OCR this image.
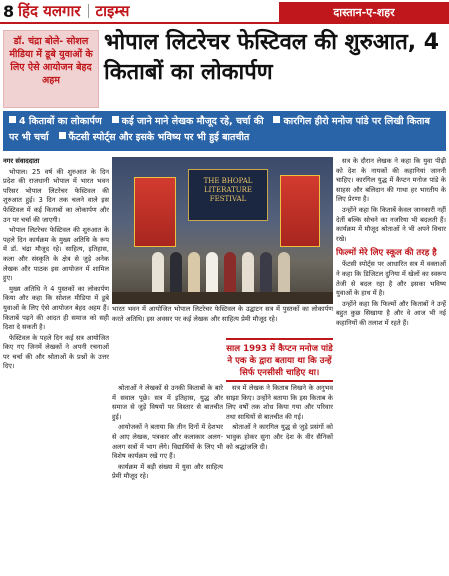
8 हिंद यलगार टाइम्स	दास्तान-ए-शहर
डॉ. चंद्रा बोले- सोशल मीडिया में डूबे युवाओं के लिए ऐसे आयोजन बेहद अहम
भोपाल लिटरेचर फेस्टिवल की शुरुआत, 4 किताबों का लोकार्पण
4 किताबों का लोकार्पण कई जाने माने लेखक मौजूद रहे, चर्चा की कारगिल हीरो मनोज पांडे पर लिखी किताब पर भी चर्चा फैंटसी स्पोर्ट्स और इसके भविष्य पर भी हुई बातचीत

नगर संवाददाता

भोपाल। 25 वर्ष की शुरुआत के दिन प्रदेश की राजधानी भोपाल में भारत भवन परिसर भोपाल लिटरेचर फेस्टिवल की शुरुआत हुई। 3 दिन तक चलने वाले इस फेस्टिवल में कई किताबों का लोकार्पण और उन पर चर्चा की जाएगी।

भोपाल लिटरेचर फेस्टिवल की शुरुआत के पहले दिन कार्यक्रम के मुख्य अतिथि के रूप में डॉ. चंद्रा मौजूद रहे। साहित्य, इतिहास, कला और संस्कृति के क्षेत्र से जुड़े अनेक लेखक और पाठक इस आयोजन में शामिल हुए।

मुख्य अतिथि ने 4 पुस्तकों का लोकार्पण किया और कहा कि सोशल मीडिया में डूबे युवाओं के लिए ऐसे आयोजन बेहद अहम हैं। किताबें पढ़ने की आदत ही समाज को सही दिशा दे सकती है।

फेस्टिवल के पहले दिन कई सत्र आयोजित किए गए जिनमें लेखकों ने अपनी रचनाओं पर चर्चा की और श्रोताओं के प्रश्नों के उत्तर दिए।

THE BHOPAL LITERATURE FESTIVAL
भारत भवन में आयोजित भोपाल लिटरेचर फेस्टिवल के उद्घाटन सत्र में पुस्तकों का लोकार्पण करते अतिथि। इस अवसर पर कई लेखक और साहित्य प्रेमी मौजूद रहे।
साल 1993 में कैप्टन मनोज पांडे ने एक के द्वारा बताया था कि उन्हें सिर्फ एनसीसी चाहिए था।

श्रोताओं ने लेखकों से उनकी किताबों के बारे में सवाल पूछे। सत्र में इतिहास, युद्ध और समाज से जुड़े विषयों पर विस्तार से बातचीत हुई।

आयोजकों ने बताया कि तीन दिनों में देशभर से आए लेखक, पत्रकार और कलाकार अलग-अलग सत्रों में भाग लेंगे। विद्यार्थियों के लिए भी विशेष कार्यक्रम रखे गए हैं।

कार्यक्रम में बड़ी संख्या में युवा और साहित्य प्रेमी मौजूद रहे।

सत्र में लेखक ने किताब लिखने के अनुभव साझा किए। उन्होंने बताया कि इस किताब के लिए वर्षों तक शोध किया गया और परिवार तथा साथियों से बातचीत की गई।

श्रोताओं ने कारगिल युद्ध से जुड़े प्रसंगों को भावुक होकर सुना और देश के वीर सैनिकों को श्रद्धांजलि दी।

सत्र के दौरान लेखक ने कहा कि युवा पीढ़ी को देश के नायकों की कहानियां जाननी चाहिए। कारगिल युद्ध में कैप्टन मनोज पांडे के साहस और बलिदान की गाथा हर भारतीय के लिए प्रेरणा है।

उन्होंने कहा कि किताबें केवल जानकारी नहीं देतीं बल्कि सोचने का नजरिया भी बदलती हैं। कार्यक्रम में मौजूद श्रोताओं ने भी अपने विचार रखे।

फिल्मों मेरे लिए स्कूल की तरह है

फेंटसी स्पोर्ट्स पर आधारित सत्र में वक्ताओं ने कहा कि डिजिटल दुनिया में खेलों का स्वरूप तेजी से बदल रहा है और इसका भविष्य युवाओं के हाथ में है।

उन्होंने कहा कि फिल्मों और किताबों ने उन्हें बहुत कुछ सिखाया है और वे आज भी नई कहानियों की तलाश में रहते हैं।
